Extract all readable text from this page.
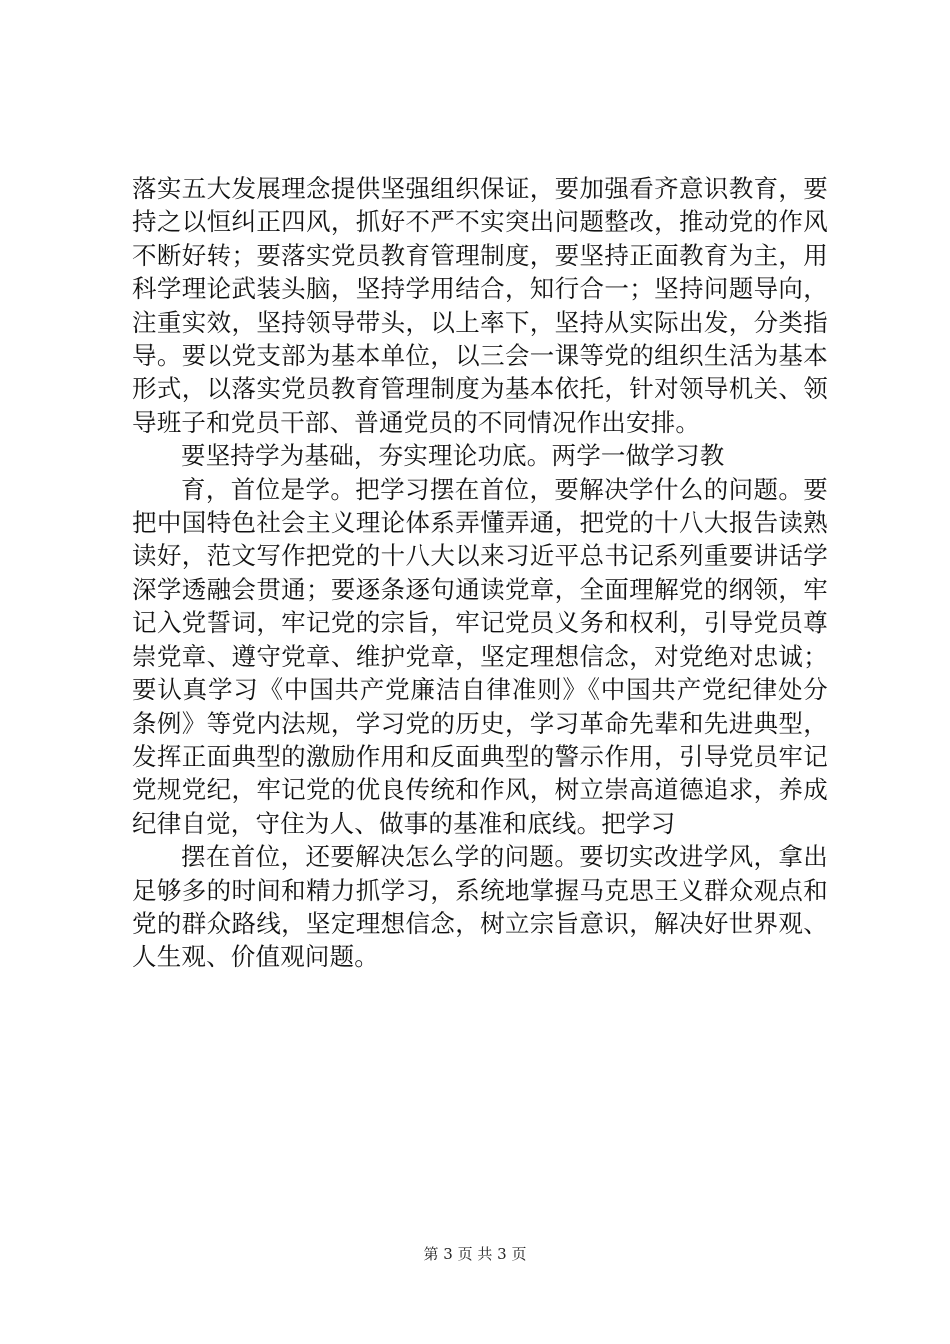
落实五大发展理念提供坚强组织保证，要加强看齐意识教育，要持之以恒纠正四风，抓好不严不实突出问题整改，推动党的作风不断好转；要落实党员教育管理制度，要坚持正面教育为主，用科学理论武装头脑，坚持学用结合，知行合一；坚持问题导向，注重实效，坚持领导带头，以上率下，坚持从实际出发，分类指导。要以党支部为基本单位，以三会一课等党的组织生活为基本形式，以落实党员教育管理制度为基本依托，针对领导机关、领导班子和党员干部、普通党员的不同情况作出安排。

要坚持学为基础，夯实理论功底。两学一做学习教

育，首位是学。把学习摆在首位，要解决学什么的问题。要把中国特色社会主义理论体系弄懂弄通，把党的十八大报告读熟读好，范文写作把党的十八大以来习近平总书记系列重要讲话学深学透融会贯通；要逐条逐句通读党章，全面理解党的纲领，牢记入党誓词，牢记党的宗旨，牢记党员义务和权利，引导党员尊崇党章、遵守党章、维护党章，坚定理想信念，对党绝对忠诚；要认真学习《中国共产党廉洁自律准则》《中国共产党纪律处分条例》等党内法规，学习党的历史，学习革命先辈和先进典型，发挥正面典型的激励作用和反面典型的警示作用，引导党员牢记党规党纪，牢记党的优良传统和作风，树立崇高道德追求，养成纪律自觉，守住为人、做事的基准和底线。把学习

摆在首位，还要解决怎么学的问题。要切实改进学风，拿出足够多的时间和精力抓学习，系统地掌握马克思王义群众观点和党的群众路线，坚定理想信念，树立宗旨意识，解决好世界观、人生观、价值观问题。

第 3 页 共 3 页
